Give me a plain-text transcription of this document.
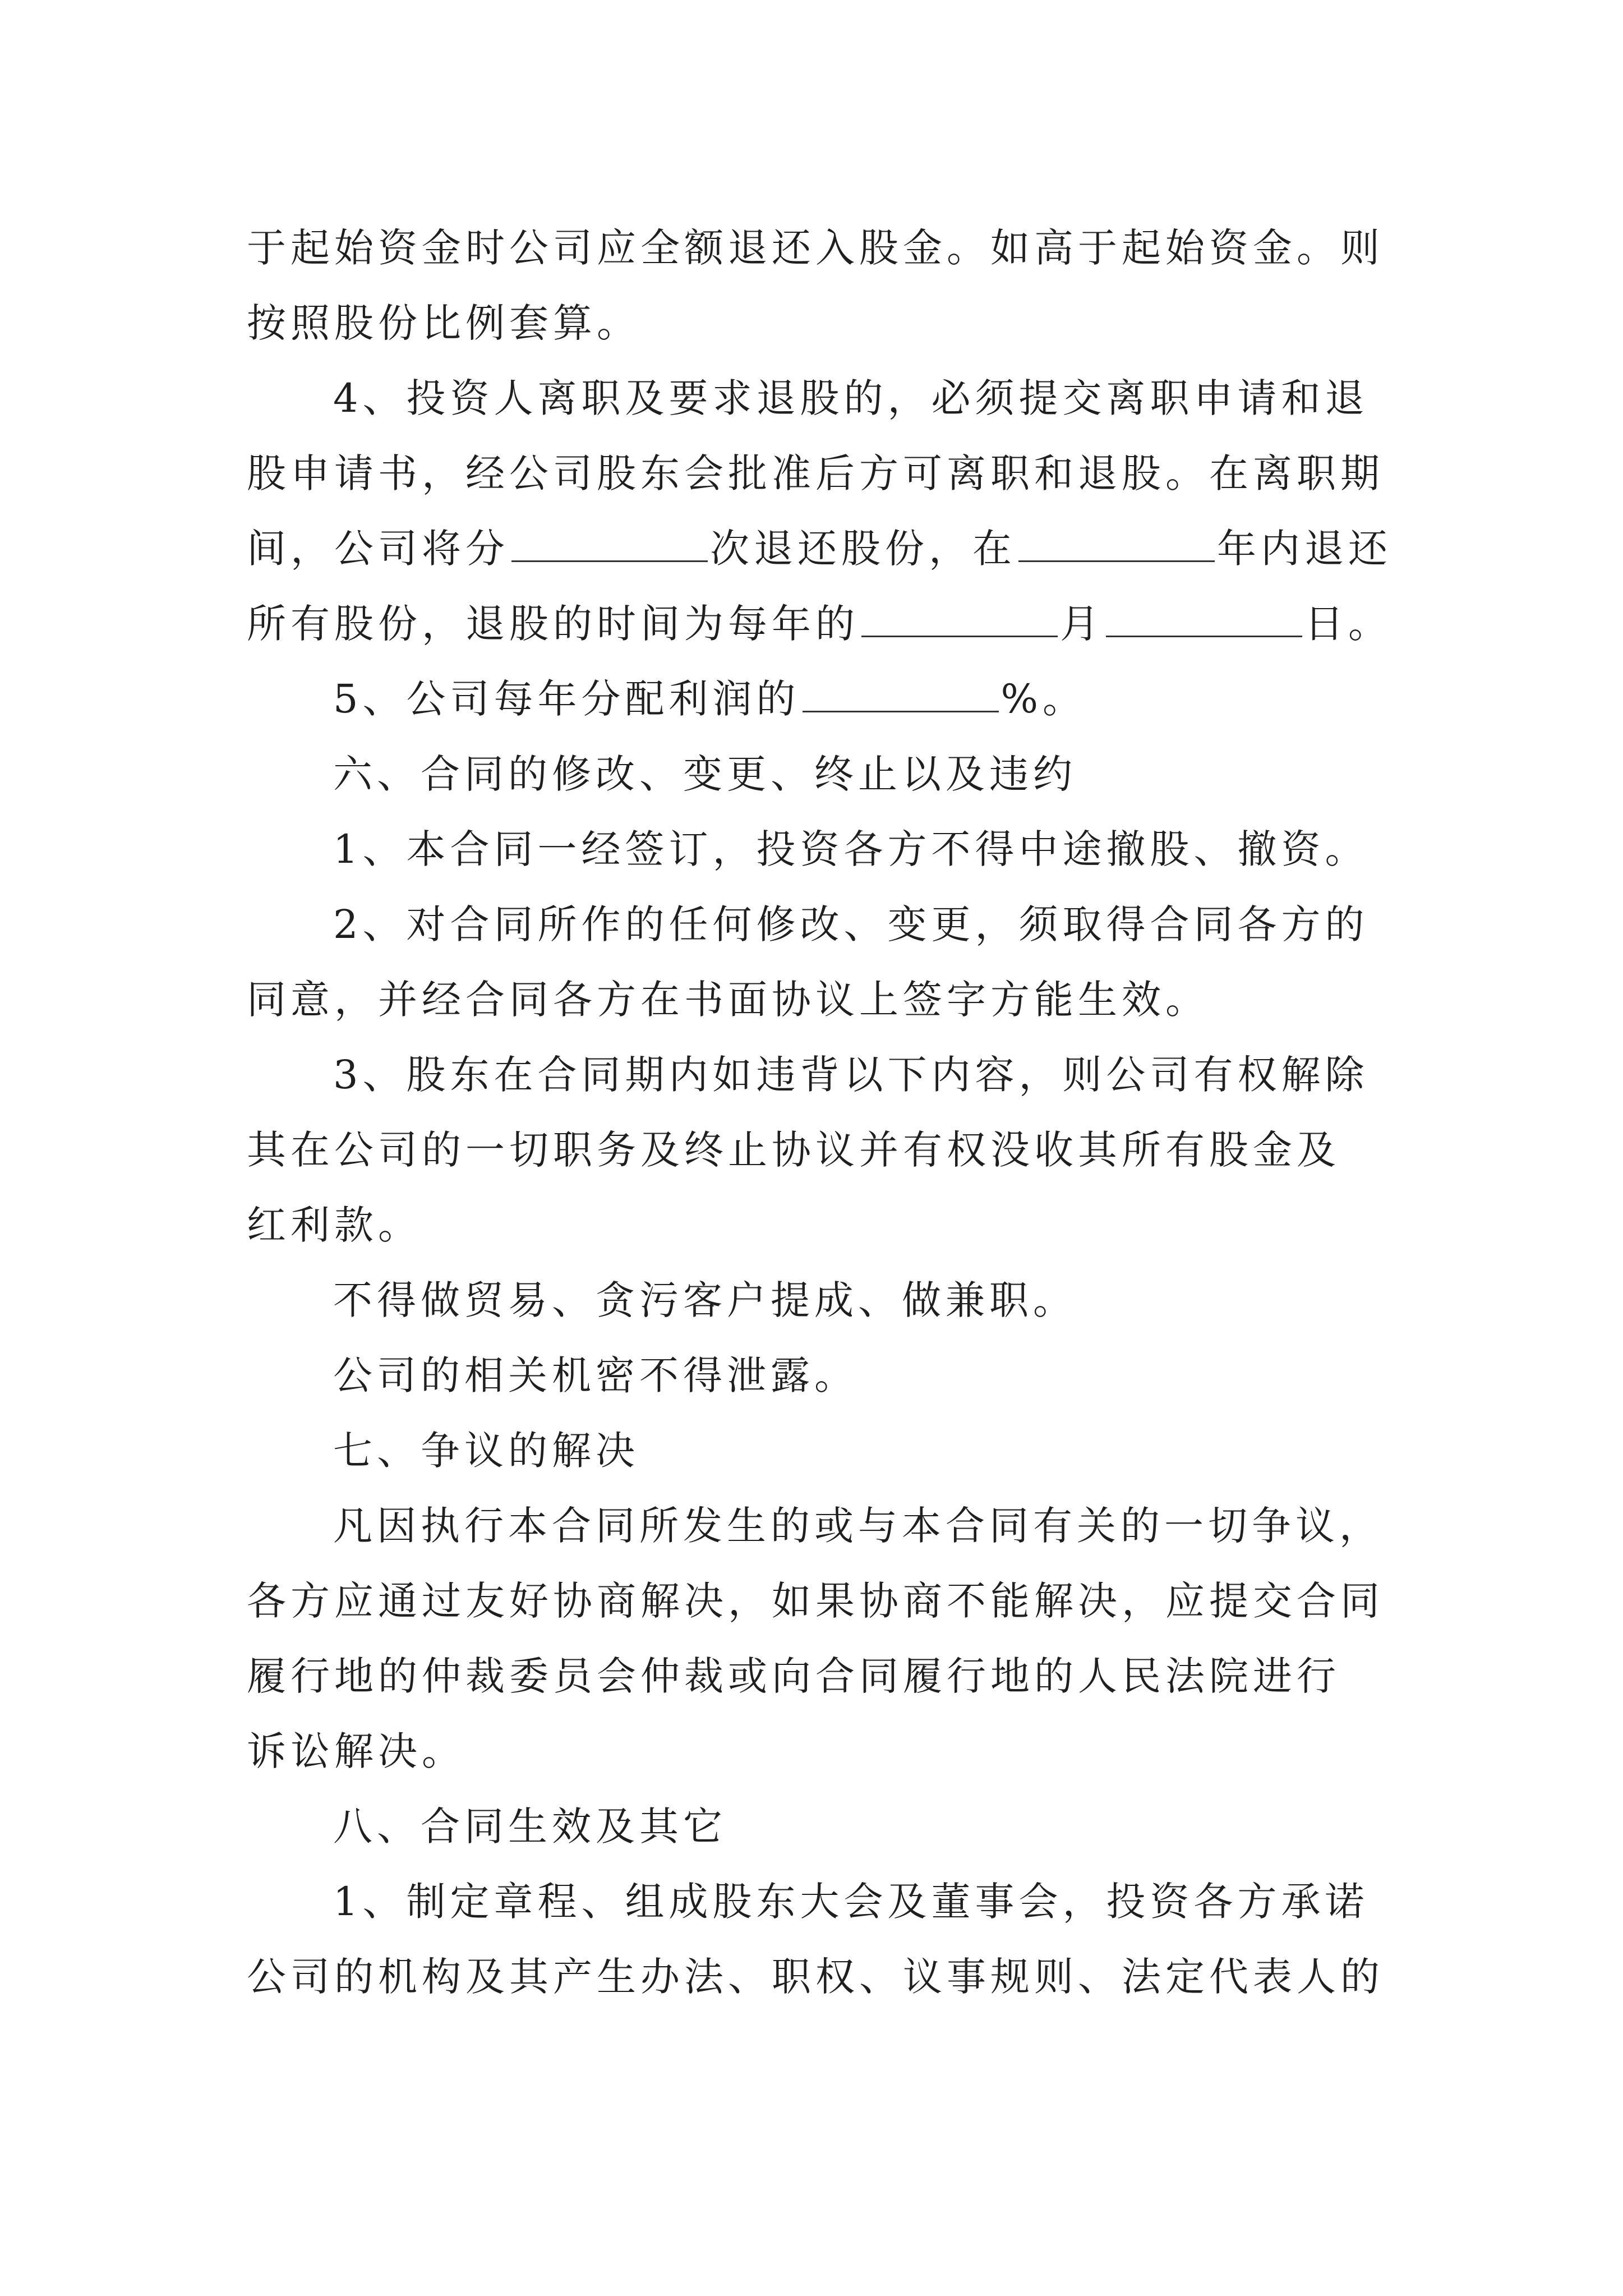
于起始资金时公司应全额退还入股金。如高于起始资金。则
按照股份比例套算。
4、投资人离职及要求退股的，必须提交离职申请和退
股申请书，经公司股东会批准后方可离职和退股。在离职期
间，公司将分	次退还股份，在	年内退还
所有股份，退股的时间为每年的	月	日。
5、公司每年分配利润的	%。
六、合同的修改、变更、终止以及违约
1、本合同一经签订，投资各方不得中途撤股、撤资。
2、对合同所作的任何修改、变更，须取得合同各方的
同意，并经合同各方在书面协议上签字方能生效。
3、股东在合同期内如违背以下内容，则公司有权解除
其在公司的一切职务及终止协议并有权没收其所有股金及
红利款。
不得做贸易、贪污客户提成、做兼职。
公司的相关机密不得泄露。
七、争议的解决
凡因执行本合同所发生的或与本合同有关的一切争议，
各方应通过友好协商解决，如果协商不能解决，应提交合同
履行地的仲裁委员会仲裁或向合同履行地的人民法院进行
诉讼解决。
八、合同生效及其它
1、制定章程、组成股东大会及董事会，投资各方承诺
公司的机构及其产生办法、职权、议事规则、法定代表人的
